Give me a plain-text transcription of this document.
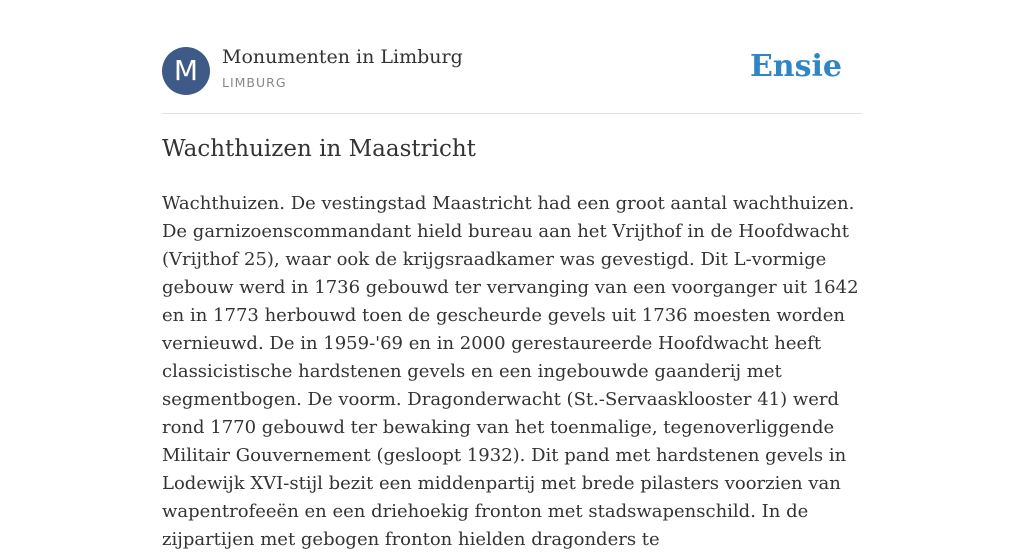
M	Monumenten in Limburg
LIMBURG	Ensie
Wachthuizen in Maastricht

Wachthuizen. De vestingstad Maastricht had een groot aantal wachthuizen. De garnizoenscommandant hield bureau aan het Vrijthof in de Hoofdwacht (Vrijthof 25), waar ook de krijgsraadkamer was gevestigd. Dit L-vormige gebouw werd in 1736 gebouwd ter vervanging van een voorganger uit 1642 en in 1773 herbouwd toen de gescheurde gevels uit 1736 moesten worden vernieuwd. De in 1959-'69 en in 2000 gerestaureerde Hoofdwacht heeft classicistische hardstenen gevels en een ingebouwde gaanderij met segmentbogen. De voorm. Dragonderwacht (St.-Servaasklooster 41) werd rond 1770 gebouwd ter bewaking van het toenmalige, tegenoverliggende Militair Gouvernement (gesloopt 1932). Dit pand met hardstenen gevels in Lodewijk XVI-stijl bezit een middenpartij met brede pilasters voorzien van wapentrofeeën en een driehoekig fronton met stadswapenschild. In de zijpartijen met gebogen fronton hielden dragonders te
